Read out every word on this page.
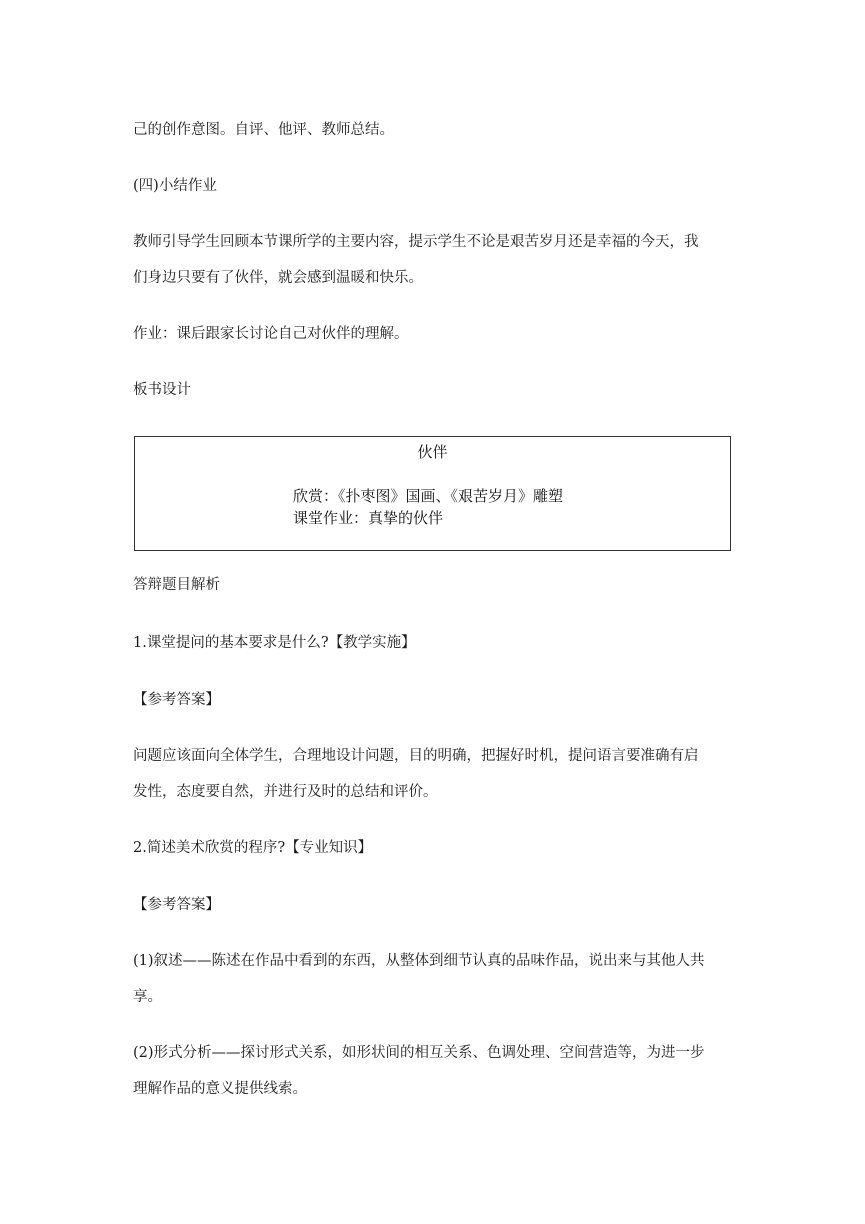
己的创作意图。自评、他评、教师总结。
(四)小结作业
教师引导学生回顾本节课所学的主要内容，提示学生不论是艰苦岁月还是幸福的今天，我
们身边只要有了伙伴，就会感到温暖和快乐。
作业：课后跟家长讨论自己对伙伴的理解。
板书设计
伙伴
欣赏：《扑枣图》国画、《艰苦岁月》雕塑
课堂作业：真挚的伙伴
答辩题目解析
1.课堂提问的基本要求是什么?【教学实施】
【参考答案】
问题应该面向全体学生，合理地设计问题，目的明确，把握好时机，提问语言要准确有启
发性，态度要自然，并进行及时的总结和评价。
2.简述美术欣赏的程序?【专业知识】
【参考答案】
(1)叙述——陈述在作品中看到的东西，从整体到细节认真的品味作品，说出来与其他人共
享。
(2)形式分析——探讨形式关系，如形状间的相互关系、色调处理、空间营造等，为进一步
理解作品的意义提供线索。
